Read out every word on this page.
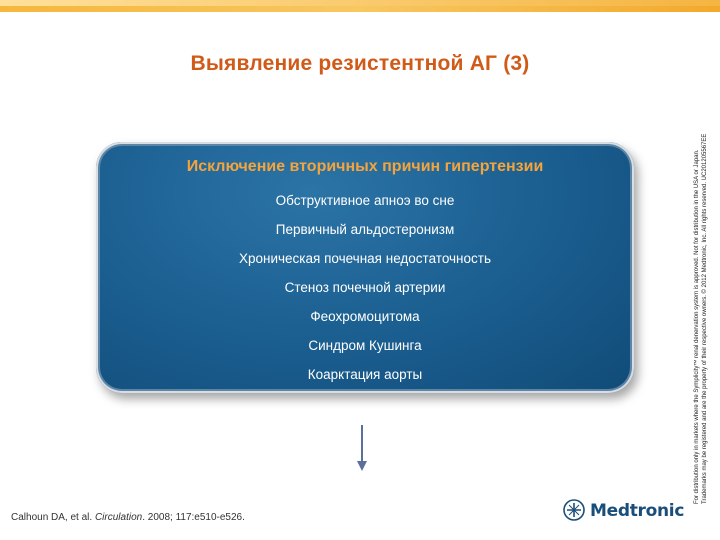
Выявление резистентной АГ (3)
Исключение вторичных причин гипертензии
Обструктивное апноэ во сне
Первичный альдостеронизм
Хроническая почечная недостаточность
Стеноз почечной артерии
Феохромоцитома
Синдром Кушинга
Коарктация аорты
Calhoun DA, et al. Circulation. 2008; 117:e510-e526.
For distribution only in markets where the Symplicity™ renal denervation system is approved. Not for distribution in the USA or Japan. Trademarks may be registered and are the property of their respective owners. © 2012 Medtronic, Inc. All rights reserved. UC201205567EE
Medtronic
